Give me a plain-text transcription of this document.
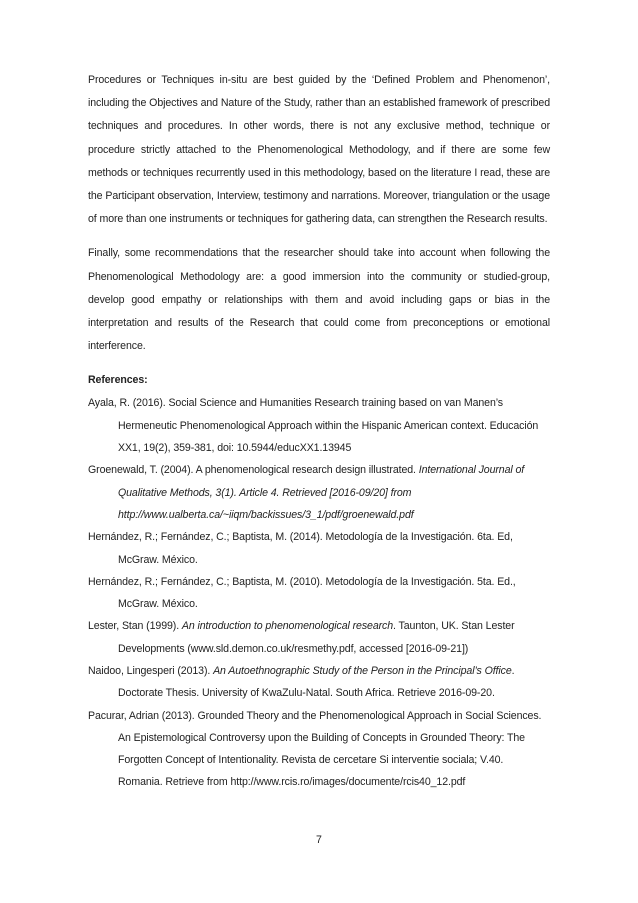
Procedures or Techniques in-situ are best guided by the ‘Defined Problem and Phenomenon’, including the Objectives and Nature of the Study, rather than an established framework of prescribed techniques and procedures. In other words, there is not any exclusive method, technique or procedure strictly attached to the Phenomenological Methodology, and if there are some few methods or techniques recurrently used in this methodology, based on the literature I read, these are the Participant observation, Interview, testimony and narrations. Moreover, triangulation or the usage of more than one instruments or techniques for gathering data, can strengthen the Research results.

Finally, some recommendations that the researcher should take into account when following the Phenomenological Methodology are: a good immersion into the community or studied-group, develop good empathy or relationships with them and avoid including gaps or bias in the interpretation and results of the Research that could come from preconceptions or emotional interference.

References:
Ayala, R. (2016). Social Science and Humanities Research training based on van Manen’s Hermeneutic Phenomenological Approach within the Hispanic American context. Educación XX1, 19(2), 359-381, doi: 10.5944/educXX1.13945
Groenewald, T. (2004). A phenomenological research design illustrated. International Journal of Qualitative Methods, 3(1). Article 4. Retrieved [2016-09/20] from http://www.ualberta.ca/~iiqm/backissues/3_1/pdf/groenewald.pdf
Hernández, R.; Fernández, C.; Baptista, M. (2014). Metodología de la Investigación. 6ta. Ed, McGraw. México.
Hernández, R.; Fernández, C.; Baptista, M. (2010). Metodología de la Investigación. 5ta. Ed., McGraw. México.
Lester, Stan (1999). An introduction to phenomenological research. Taunton, UK. Stan Lester Developments (www.sld.demon.co.uk/resmethy.pdf, accessed [2016-09-21])
Naidoo, Lingesperi (2013). An Autoethnographic Study of the Person in the Principal’s Office. Doctorate Thesis. University of KwaZulu-Natal. South Africa. Retrieve 2016-09-20.
Pacurar, Adrian (2013). Grounded Theory and the Phenomenological Approach in Social Sciences. An Epistemological Controversy upon the Building of Concepts in Grounded Theory: The Forgotten Concept of Intentionality. Revista de cercetare Si interventie sociala; V.40. Romania. Retrieve from http://www.rcis.ro/images/documente/rcis40_12.pdf
7
